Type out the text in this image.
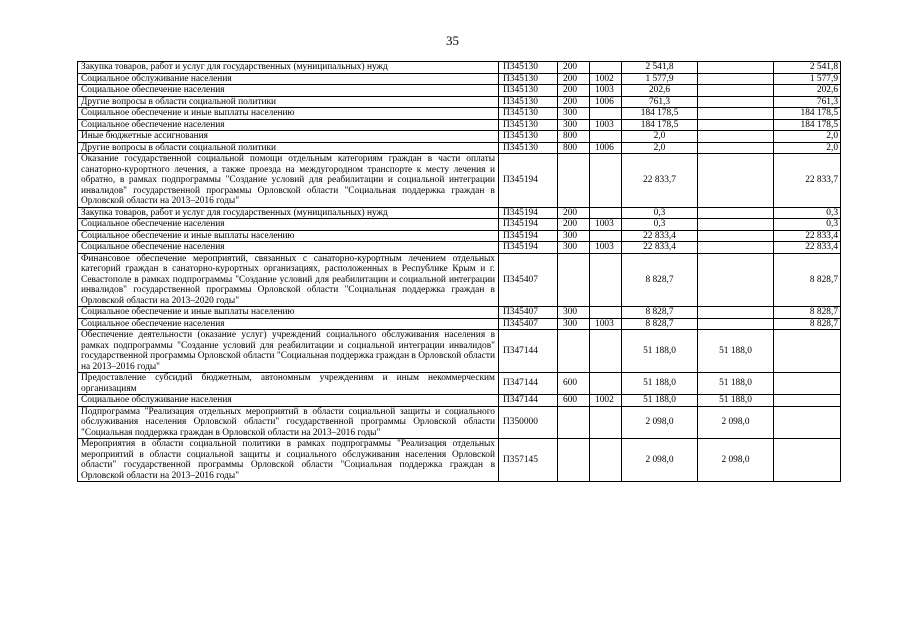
35
Закупка товаров, работ и услуг для государственных (муниципальных) нужд	П345130	200		2 541,8		2 541,8
Социальное обслуживание населения	П345130	200	1002	1 577,9		1 577,9
Социальное обеспечение населения	П345130	200	1003	202,6		202,6
Другие вопросы в области социальной политики	П345130	200	1006	761,3		761,3
Социальное обеспечение и иные выплаты населению	П345130	300		184 178,5		184 178,5
Социальное обеспечение населения	П345130	300	1003	184 178,5		184 178,5
Иные бюджетные ассигнования	П345130	800		2,0		2,0
Другие вопросы в области социальной политики	П345130	800	1006	2,0		2,0
Оказание государственной социальной помощи отдельным категориям граждан в части оплаты санаторно-курортного лечения, а также проезда на междугородном транспорте к месту лечения и обратно, в рамках подпрограммы "Создание условий для реабилитации и социальной интеграции инвалидов" государственной программы Орловской области "Социальная поддержка граждан в Орловской области на 2013–2016 годы"	П345194			22 833,7		22 833,7
Закупка товаров, работ и услуг для государственных (муниципальных) нужд	П345194	200		0,3		0,3
Социальное обеспечение населения	П345194	200	1003	0,3		0,3
Социальное обеспечение и иные выплаты населению	П345194	300		22 833,4		22 833,4
Социальное обеспечение населения	П345194	300	1003	22 833,4		22 833,4
Финансовое обеспечение мероприятий, связанных с санаторно-курортным лечением отдельных категорий граждан в санаторно-курортных организациях, расположенных в Республике Крым и г. Севастополе в рамках подпрограммы "Создание условий для реабилитации и социальной интеграции инвалидов" государственной программы Орловской области "Социальная поддержка граждан в Орловской области на 2013–2020 годы"	П345407			8 828,7		8 828,7
Социальное обеспечение и иные выплаты населению	П345407	300		8 828,7		8 828,7
Социальное обеспечение населения	П345407	300	1003	8 828,7		8 828,7
Обеспечение деятельности (оказание услуг) учреждений социального обслуживания населения в рамках подпрограммы "Создание условий для реабилитации и социальной интеграции инвалидов" государственной программы Орловской области "Социальная поддержка граждан в Орловской области на 2013–2016 годы"	П347144			51 188,0	51 188,0	
Предоставление субсидий бюджетным, автономным учреждениям и иным некоммерческим организациям	П347144	600		51 188,0	51 188,0	
Социальное обслуживание населения	П347144	600	1002	51 188,0	51 188,0	
Подпрограмма "Реализация отдельных мероприятий в области социальной защиты и социального обслуживания населения Орловской области" государственной программы Орловской области "Социальная поддержка граждан в Орловской области на 2013–2016 годы"	П350000			2 098,0	2 098,0	
Мероприятия в области социальной политики в рамках подпрограммы "Реализация отдельных мероприятий в области социальной защиты и социального обслуживания населения Орловской области" государственной программы Орловской области "Социальная поддержка граждан в Орловской области на 2013–2016 годы"	П357145			2 098,0	2 098,0	
